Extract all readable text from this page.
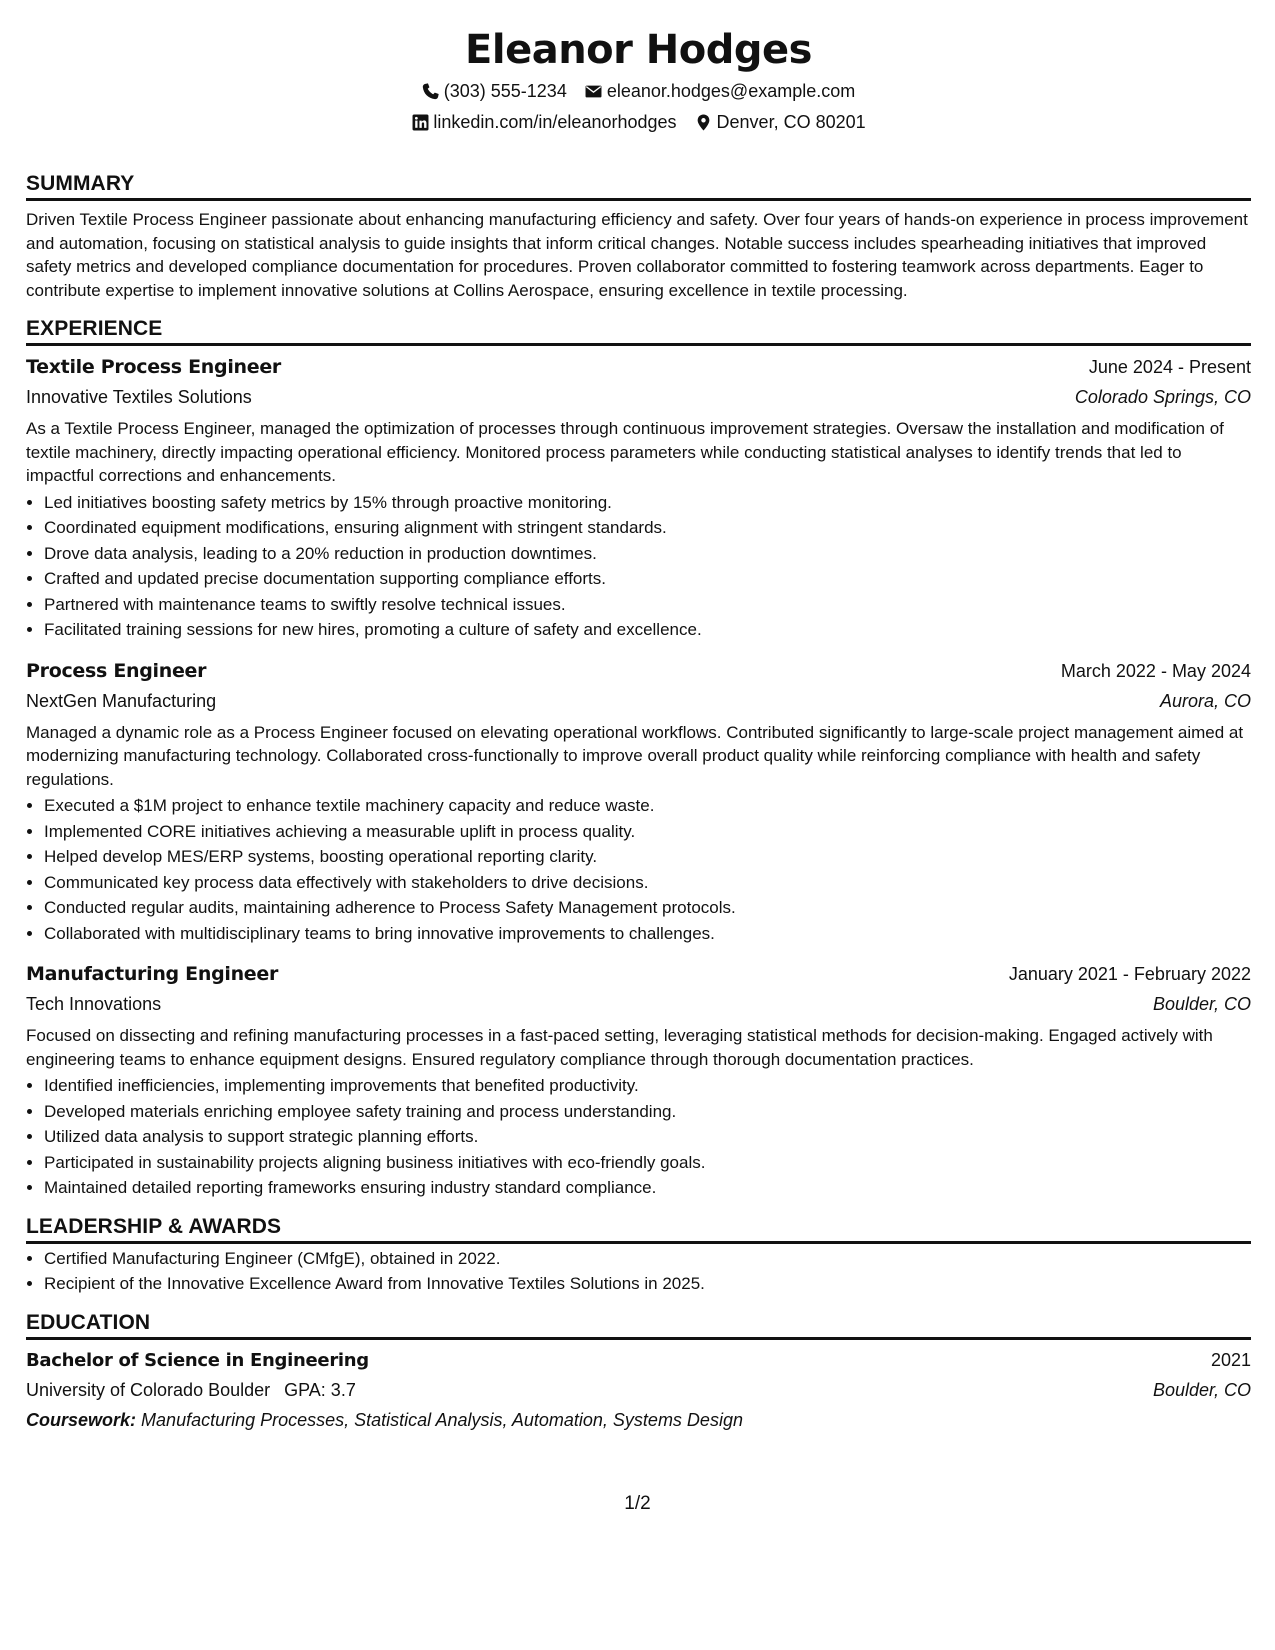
Eleanor Hodges
(303) 555-1234 eleanor.hodges@example.com
linkedin.com/in/eleanorhodges Denver, CO 80201
SUMMARY

Driven Textile Process Engineer passionate about enhancing manufacturing efficiency and safety. Over four years of hands-on experience in process improvement and automation, focusing on statistical analysis to guide insights that inform critical changes. Notable success includes spearheading initiatives that improved safety metrics and developed compliance documentation for procedures. Proven collaborator committed to fostering teamwork across departments. Eager to contribute expertise to implement innovative solutions at Collins Aerospace, ensuring excellence in textile processing.

EXPERIENCE
Textile Process Engineer	June 2024 - Present
Innovative Textiles Solutions	Colorado Springs, CO

As a Textile Process Engineer, managed the optimization of processes through continuous improvement strategies. Oversaw the installation and modification of textile machinery, directly impacting operational efficiency. Monitored process parameters while conducting statistical analyses to identify trends that led to impactful corrections and enhancements.

• Led initiatives boosting safety metrics by 15% through proactive monitoring.
• Coordinated equipment modifications, ensuring alignment with stringent standards.
• Drove data analysis, leading to a 20% reduction in production downtimes.
• Crafted and updated precise documentation supporting compliance efforts.
• Partnered with maintenance teams to swiftly resolve technical issues.
• Facilitated training sessions for new hires, promoting a culture of safety and excellence.
Process Engineer	March 2022 - May 2024
NextGen Manufacturing	Aurora, CO

Managed a dynamic role as a Process Engineer focused on elevating operational workflows. Contributed significantly to large-scale project management aimed at modernizing manufacturing technology. Collaborated cross-functionally to improve overall product quality while reinforcing compliance with health and safety regulations.

• Executed a $1M project to enhance textile machinery capacity and reduce waste.
• Implemented CORE initiatives achieving a measurable uplift in process quality.
• Helped develop MES/ERP systems, boosting operational reporting clarity.
• Communicated key process data effectively with stakeholders to drive decisions.
• Conducted regular audits, maintaining adherence to Process Safety Management protocols.
• Collaborated with multidisciplinary teams to bring innovative improvements to challenges.
Manufacturing Engineer	January 2021 - February 2022
Tech Innovations	Boulder, CO

Focused on dissecting and refining manufacturing processes in a fast-paced setting, leveraging statistical methods for decision-making. Engaged actively with engineering teams to enhance equipment designs. Ensured regulatory compliance through thorough documentation practices.

• Identified inefficiencies, implementing improvements that benefited productivity.
• Developed materials enriching employee safety training and process understanding.
• Utilized data analysis to support strategic planning efforts.
• Participated in sustainability projects aligning business initiatives with eco-friendly goals.
• Maintained detailed reporting frameworks ensuring industry standard compliance.
LEADERSHIP & AWARDS
• Certified Manufacturing Engineer (CMfgE), obtained in 2022.
• Recipient of the Innovative Excellence Award from Innovative Textiles Solutions in 2025.
EDUCATION
Bachelor of Science in Engineering	2021
University of Colorado Boulder GPA: 3.7	Boulder, CO
Coursework: Manufacturing Processes, Statistical Analysis, Automation, Systems Design
1/2
